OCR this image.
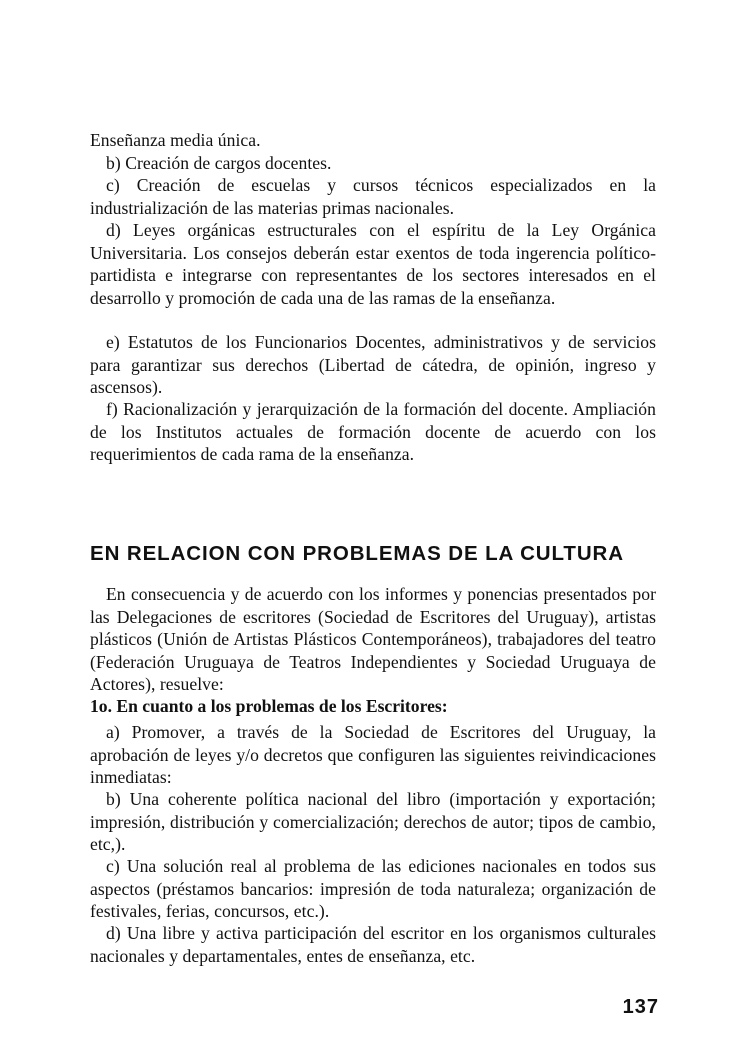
Enseñanza media única.

b) Creación de cargos docentes.

c) Creación de escuelas y cursos técnicos especializados en la industrialización de las materias primas nacionales.

d) Leyes orgánicas estructurales con el espíritu de la Ley Orgánica Universitaria. Los consejos deberán estar exentos de toda ingerencia político-partidista e integrarse con representantes de los sectores interesados en el desarrollo y promoción de cada una de las ramas de la enseñanza.

e) Estatutos de los Funcionarios Docentes, administrativos y de servicios para garantizar sus derechos (Libertad de cátedra, de opinión, ingreso y ascensos).

f) Racionalización y jerarquización de la formación del docente. Ampliación de los Institutos actuales de formación docente de acuerdo con los requerimientos de cada rama de la enseñanza.

EN RELACION CON PROBLEMAS DE LA CULTURA

En consecuencia y de acuerdo con los informes y ponencias presentados por las Delegaciones de escritores (Sociedad de Escritores del Uruguay), artistas plásticos (Unión de Artistas Plásticos Contemporáneos), trabajadores del teatro (Federación Uruguaya de Teatros Independientes y Sociedad Uruguaya de Actores), resuelve:

1o. En cuanto a los problemas de los Escritores:

a) Promover, a través de la Sociedad de Escritores del Uruguay, la aprobación de leyes y/o decretos que configuren las siguientes reivindicaciones inmediatas:

b) Una coherente política nacional del libro (importación y exportación; impresión, distribución y comercialización; derechos de autor; tipos de cambio, etc,).

c) Una solución real al problema de las ediciones nacionales en todos sus aspectos (préstamos bancarios: impresión de toda naturaleza; organización de festivales, ferias, concursos, etc.).

d) Una libre y activa participación del escritor en los organismos culturales nacionales y departamentales, entes de enseñanza, etc.

137
